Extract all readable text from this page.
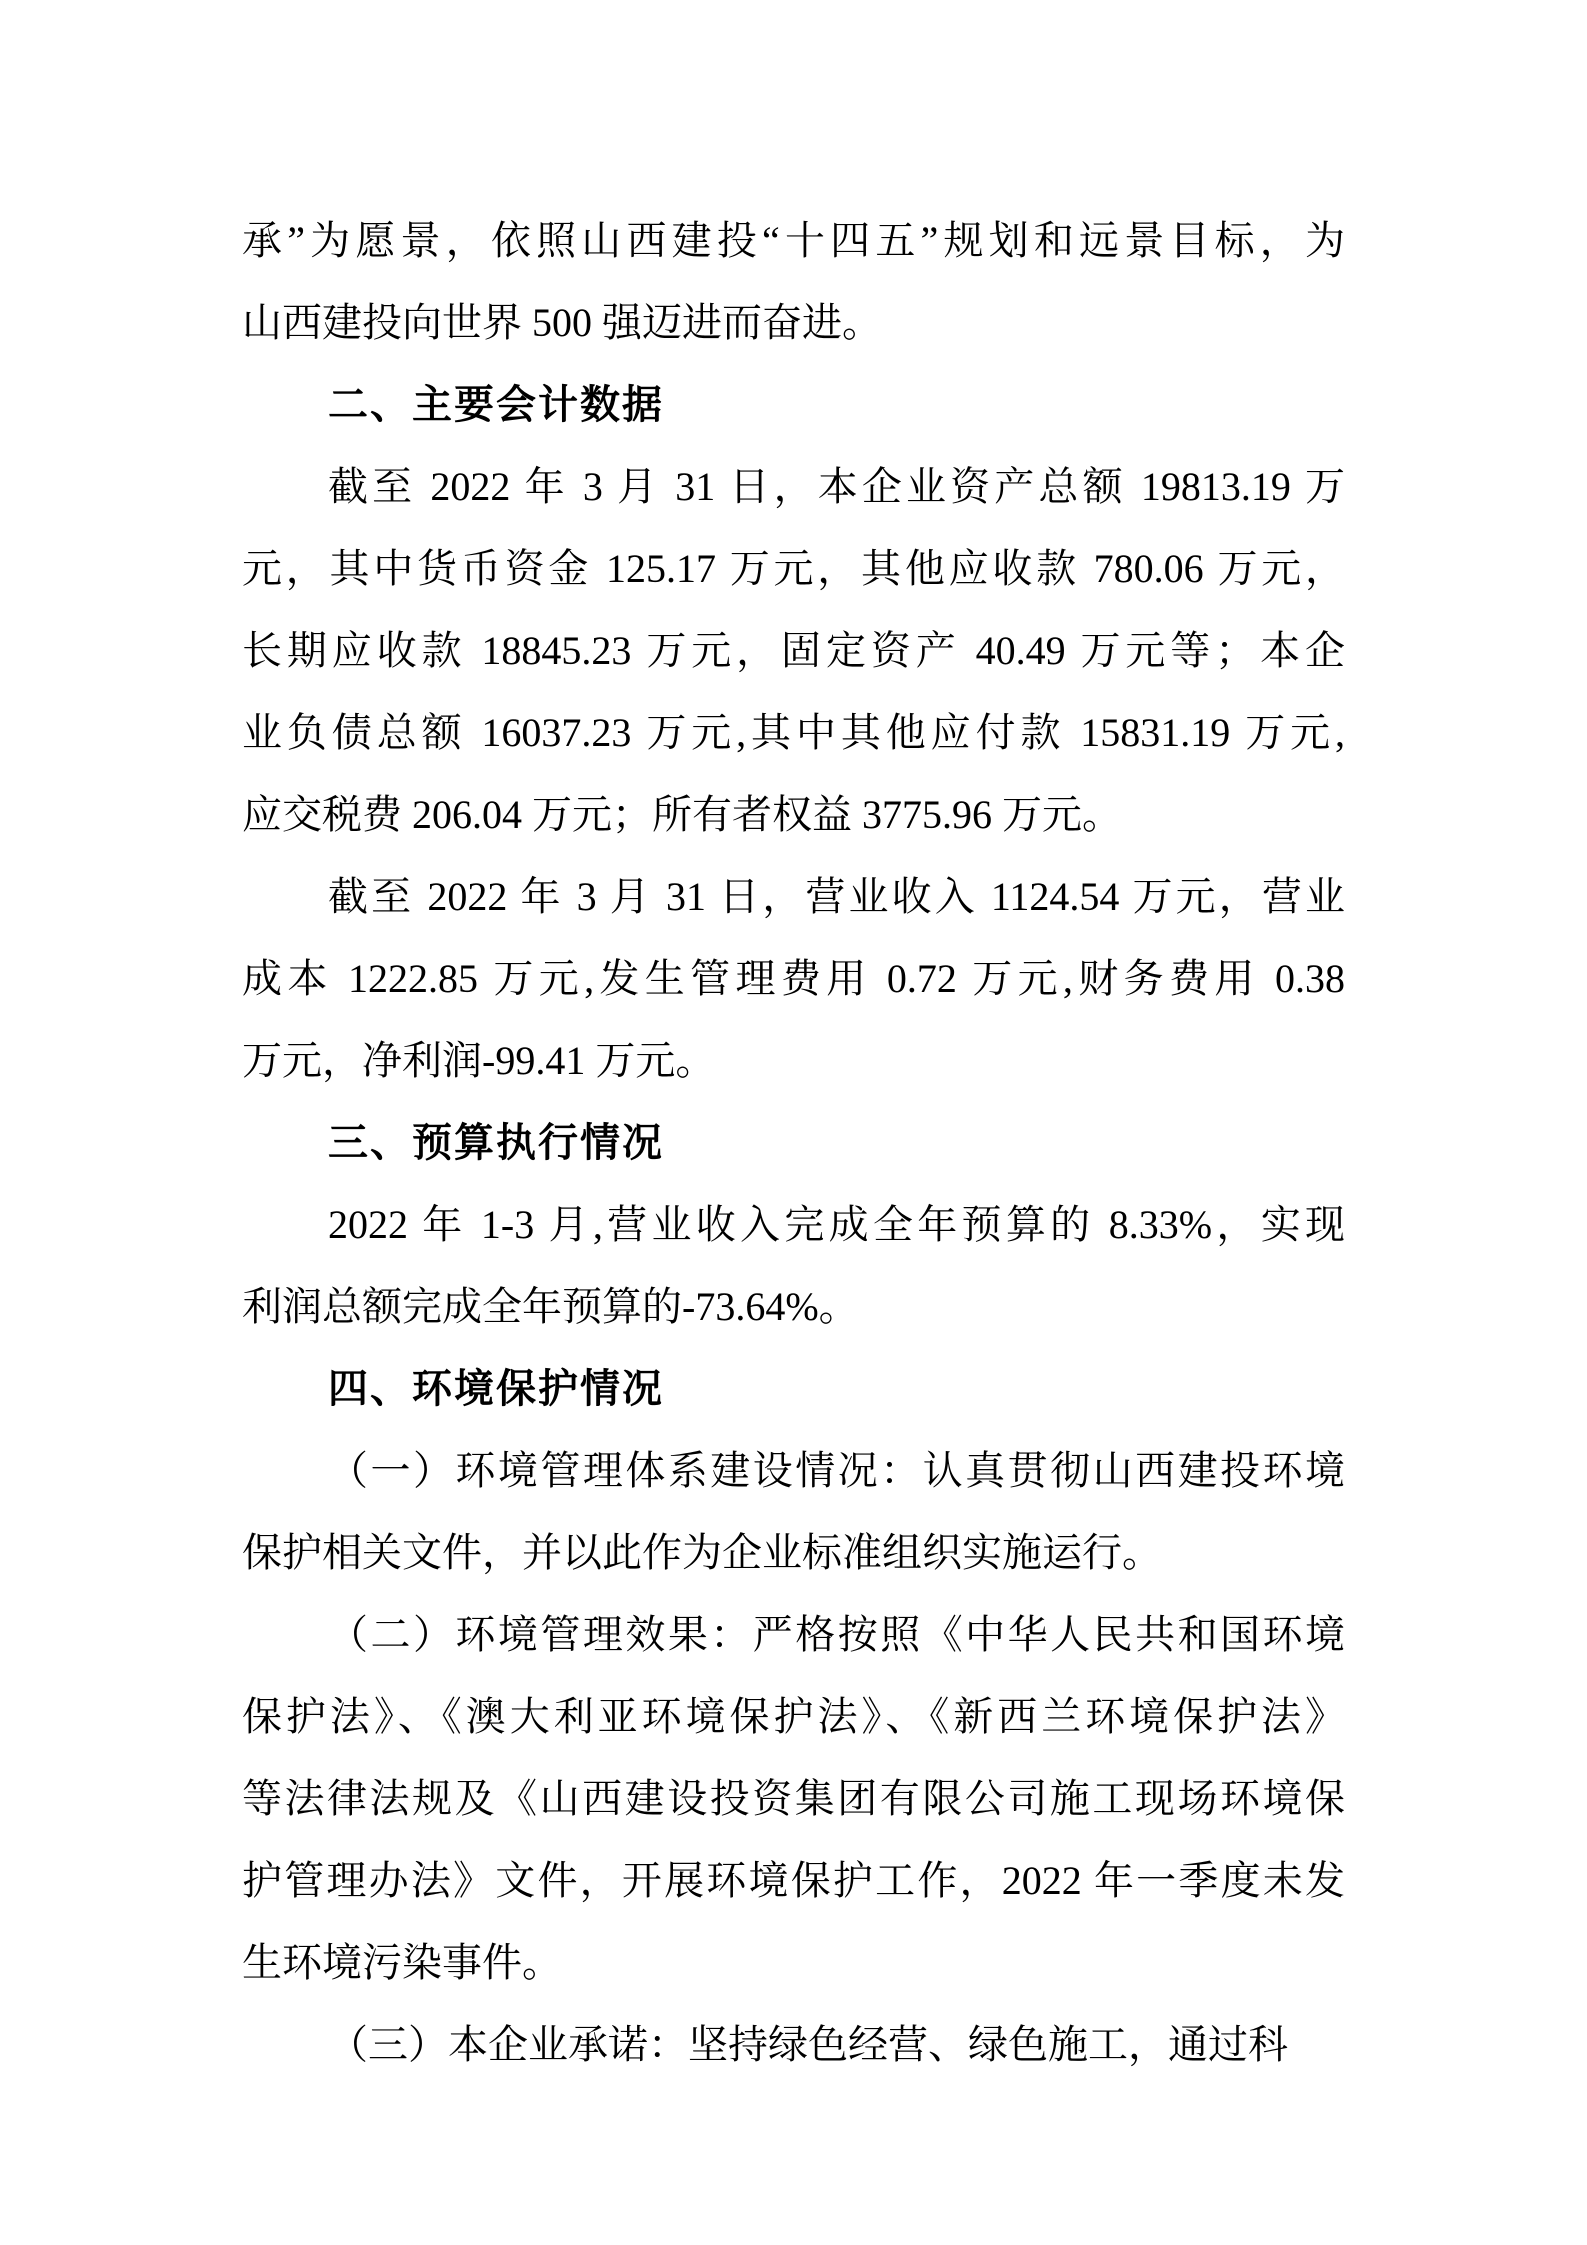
承”为愿景，依照山西建投“十四五”规划和远景目标，为
山西建投向世界 500 强迈进而奋进。
二、主要会计数据
截至 2022 年 3 月 31 日，本企业资产总额 19813.19 万
元，其中货币资金 125.17 万元，其他应收款 780.06 万元，
长期应收款 18845.23 万元，固定资产 40.49 万元等；本企
业负债总额 16037.23 万元,其中其他应付款 15831.19 万元,
应交税费 206.04 万元；所有者权益 3775.96 万元。
截至 2022 年 3 月 31 日，营业收入 1124.54 万元，营业
成本 1222.85 万元,发生管理费用 0.72 万元,财务费用 0.38
万元，净利润-99.41 万元。
三、预算执行情况
2022 年 1-3 月,营业收入完成全年预算的 8.33%，实现
利润总额完成全年预算的-73.64%。
四、环境保护情况
（一）环境管理体系建设情况：认真贯彻山西建投环境
保护相关文件，并以此作为企业标准组织实施运行。
（二）环境管理效果：严格按照《中华人民共和国环境
保护法》、《澳大利亚环境保护法》、《新西兰环境保护法》
等法律法规及《山西建设投资集团有限公司施工现场环境保
护管理办法》文件，开展环境保护工作，2022 年一季度未发
生环境污染事件。
（三）本企业承诺：坚持绿色经营、绿色施工，通过科
